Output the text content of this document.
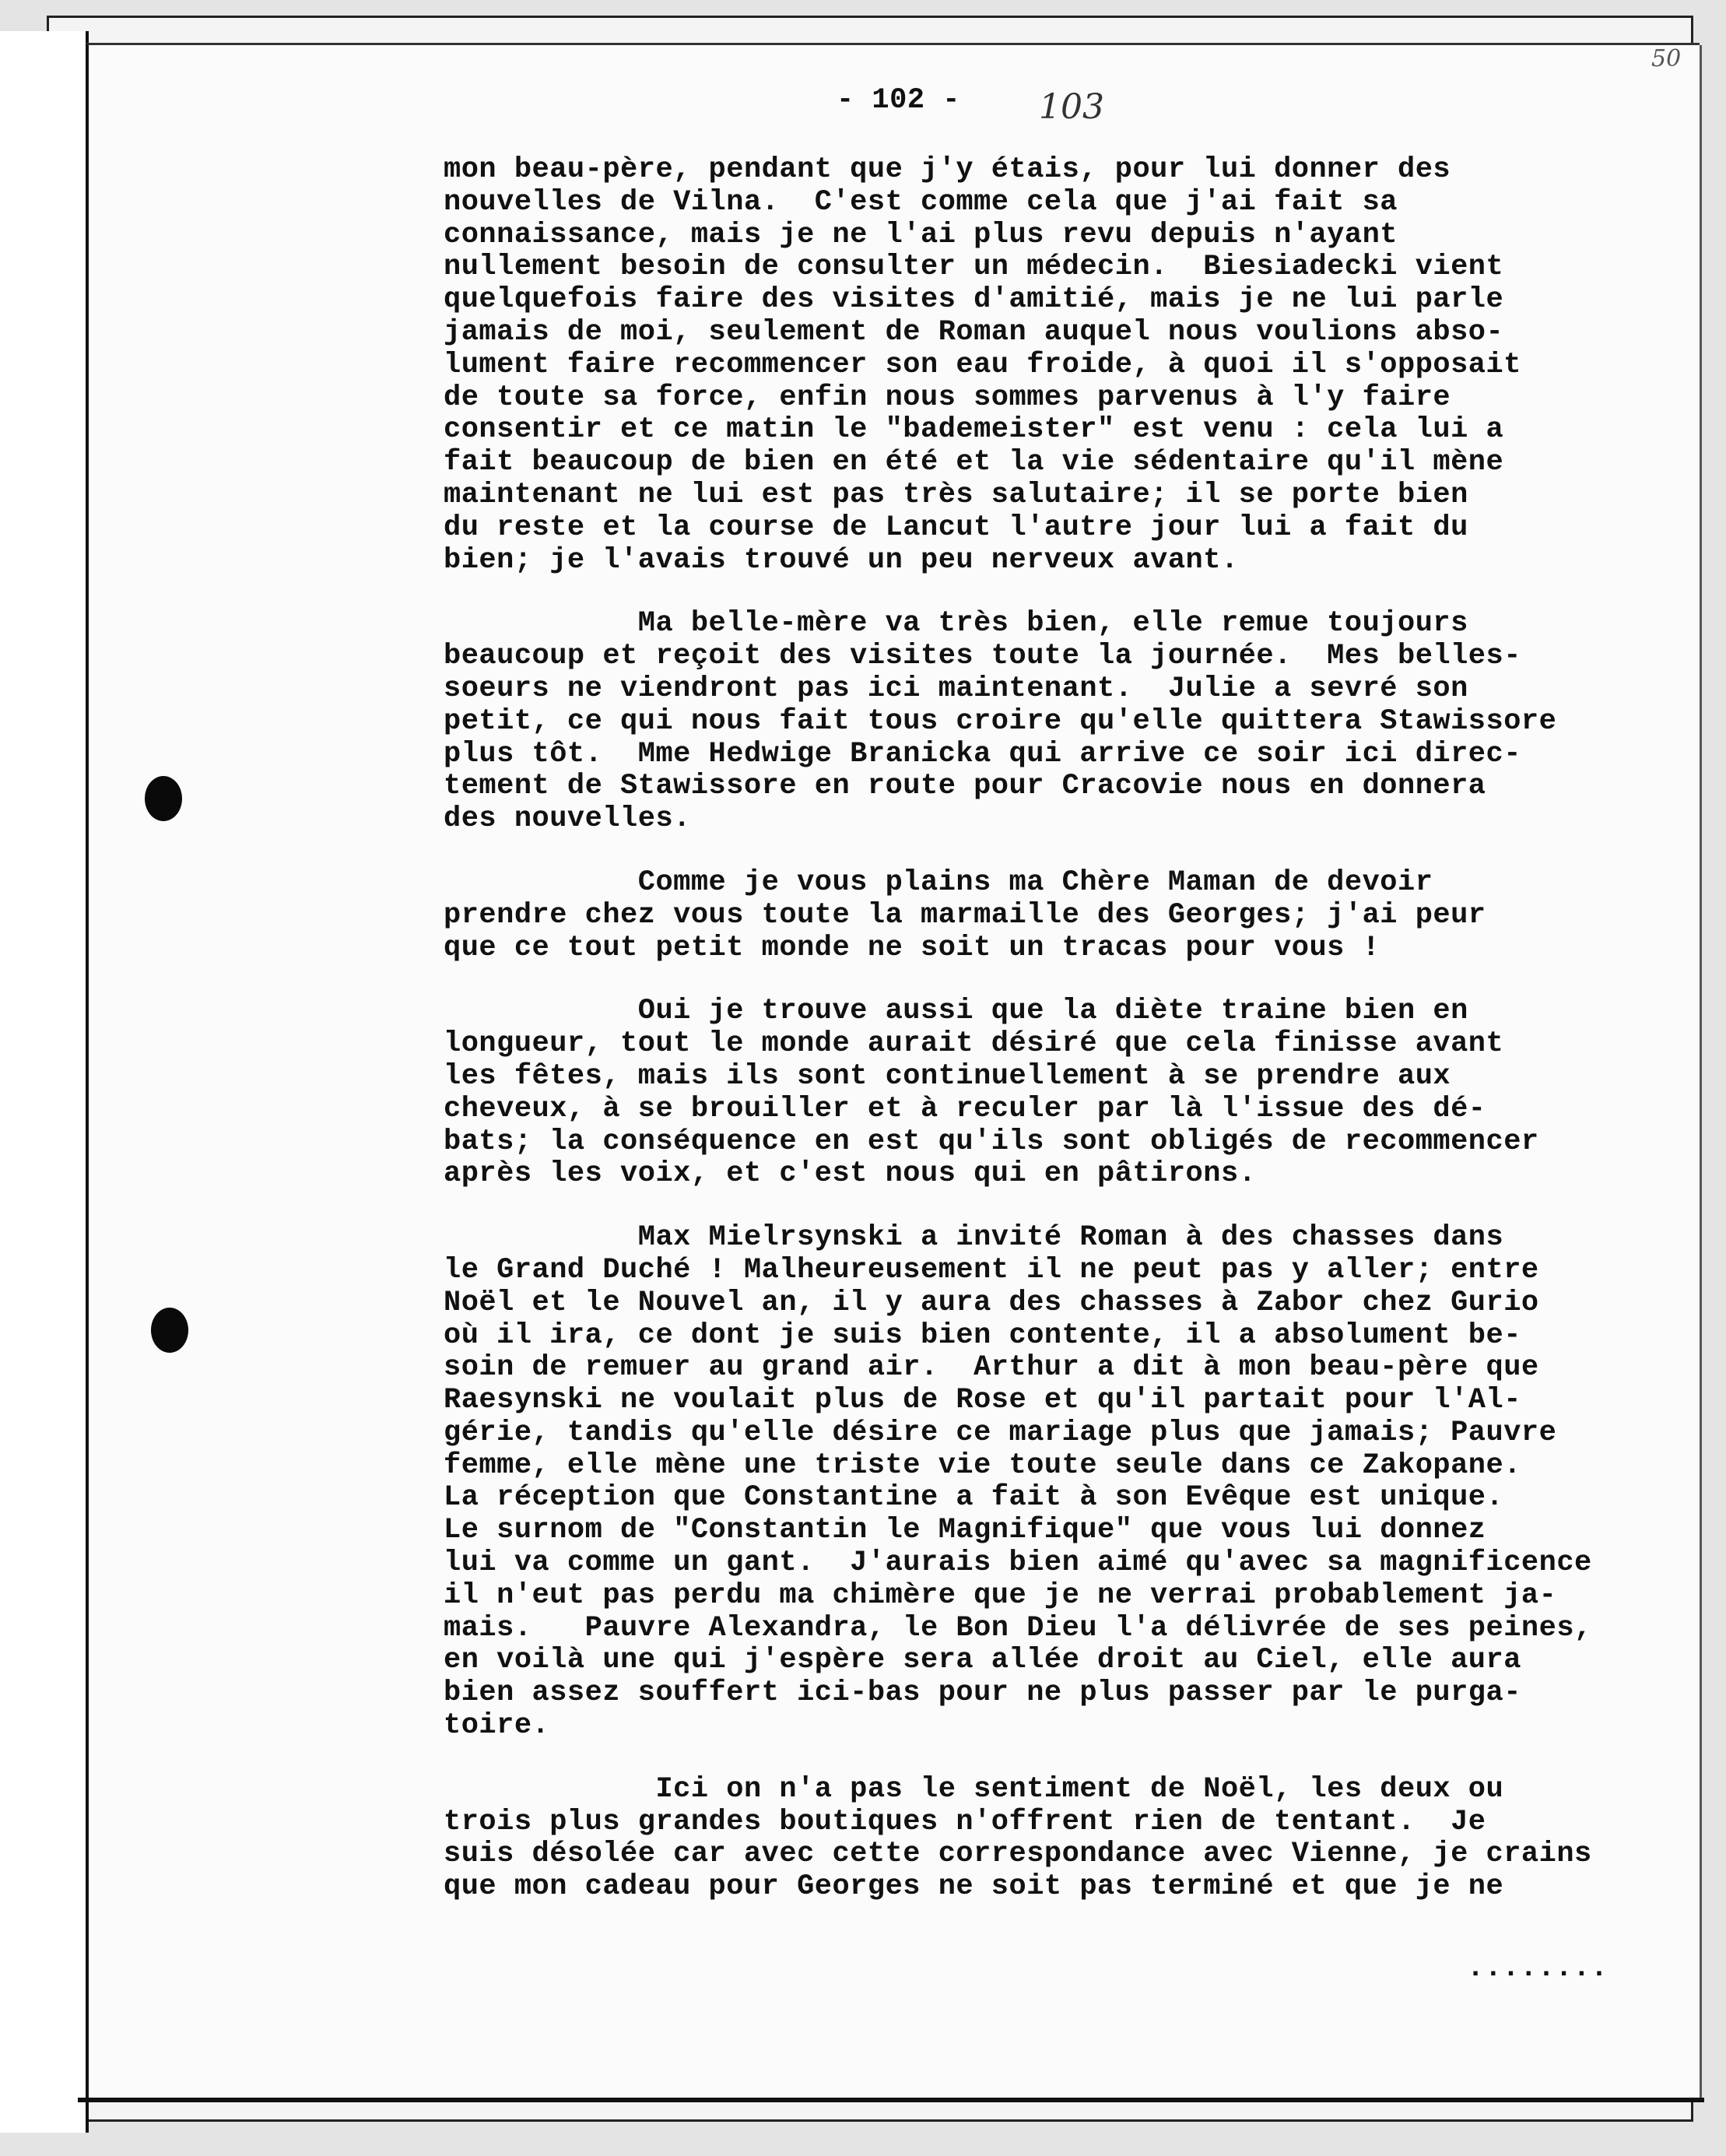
- 102 - 103
50
mon beau-père, pendant que j'y étais, pour lui donner des
nouvelles de Vilna.  C'est comme cela que j'ai fait sa
connaissance, mais je ne l'ai plus revu depuis n'ayant
nullement besoin de consulter un médecin.  Biesiadecki vient
quelquefois faire des visites d'amitié, mais je ne lui parle
jamais de moi, seulement de Roman auquel nous voulions abso-
lument faire recommencer son eau froide, à quoi il s'opposait
de toute sa force, enfin nous sommes parvenus à l'y faire
consentir et ce matin le "bademeister" est venu : cela lui a
fait beaucoup de bien en été et la vie sédentaire qu'il mène
maintenant ne lui est pas très salutaire; il se porte bien
du reste et la course de Lancut l'autre jour lui a fait du
bien; je l'avais trouvé un peu nerveux avant.
Ma belle-mère va très bien, elle remue toujours
beaucoup et reçoit des visites toute la journée.  Mes belles-
soeurs ne viendront pas ici maintenant.  Julie a sevré son
petit, ce qui nous fait tous croire qu'elle quittera Stawissore
plus tôt.  Mme Hedwige Branicka qui arrive ce soir ici direc-
tement de Stawissore en route pour Cracovie nous en donnera
des nouvelles.
Comme je vous plains ma Chère Maman de devoir
prendre chez vous toute la marmaille des Georges; j'ai peur
que ce tout petit monde ne soit un tracas pour vous !
Oui je trouve aussi que la diète traine bien en
longueur, tout le monde aurait désiré que cela finisse avant
les fêtes, mais ils sont continuellement à se prendre aux
cheveux, à se brouiller et à reculer par là l'issue des dé-
bats; la conséquence en est qu'ils sont obligés de recommencer
après les voix, et c'est nous qui en pâtirons.
Max Mielrsynski a invité Roman à des chasses dans
le Grand Duché ! Malheureusement il ne peut pas y aller; entre
Noël et le Nouvel an, il y aura des chasses à Zabor chez Gurio
où il ira, ce dont je suis bien contente, il a absolument be-
soin de remuer au grand air.  Arthur a dit à mon beau-père que
Raesynski ne voulait plus de Rose et qu'il partait pour l'Al-
gérie, tandis qu'elle désire ce mariage plus que jamais; Pauvre
femme, elle mène une triste vie toute seule dans ce Zakopane.
La réception que Constantine a fait à son Evêque est unique.
Le surnom de "Constantin le Magnifique" que vous lui donnez
lui va comme un gant.  J'aurais bien aimé qu'avec sa magnificence
il n'eut pas perdu ma chimère que je ne verrai probablement ja-
mais.   Pauvre Alexandra, le Bon Dieu l'a délivrée de ses peines,
en voilà une qui j'espère sera allée droit au Ciel, elle aura
bien assez souffert ici-bas pour ne plus passer par le purga-
toire.
Ici on n'a pas le sentiment de Noël, les deux ou
trois plus grandes boutiques n'offrent rien de tentant.  Je
suis désolée car avec cette correspondance avec Vienne, je crains
que mon cadeau pour Georges ne soit pas terminé et que je ne
........
